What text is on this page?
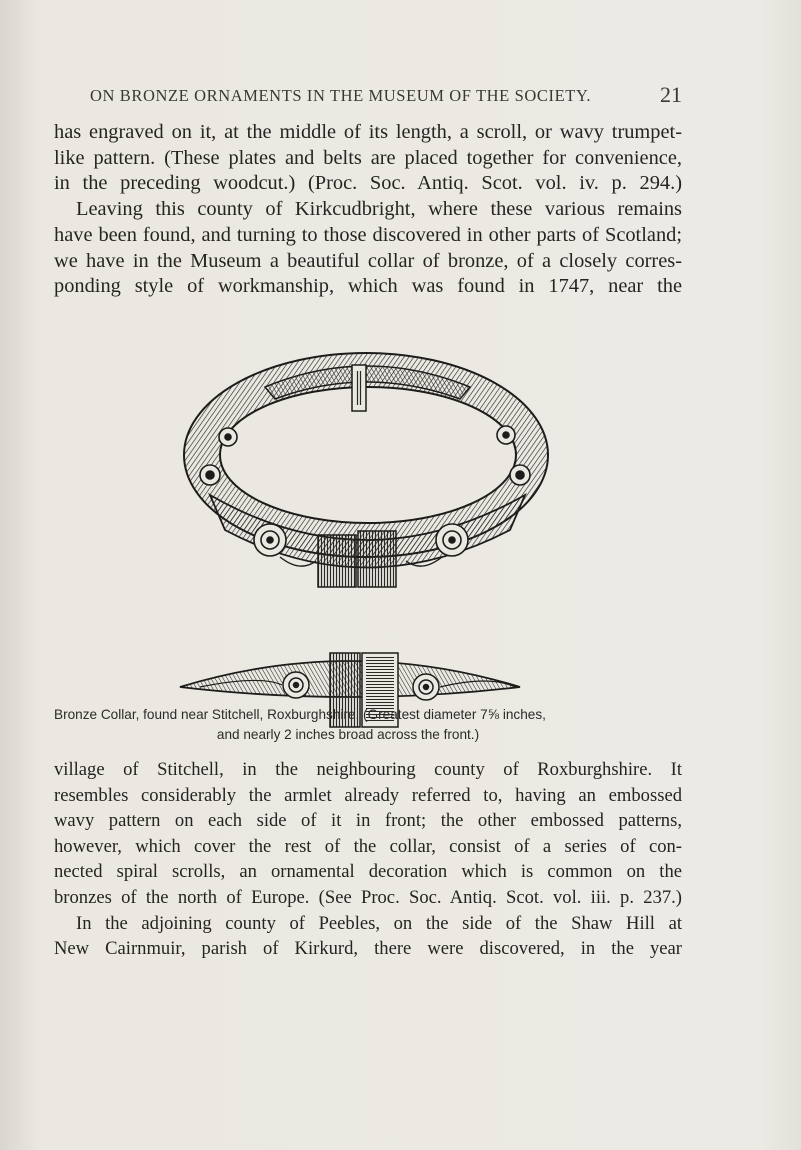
ON BRONZE ORNAMENTS IN THE MUSEUM OF THE SOCIETY.	21
has engraved on it, at the middle of its length, a scroll, or wavy trumpet-
like pattern. (These plates and belts are placed together for convenience,
in the preceding woodcut.) (Proc. Soc. Antiq. Scot. vol. iv. p. 294.)
Leaving this county of Kirkcudbright, where these various remains
have been found, and turning to those discovered in other parts of Scotland;
we have in the Museum a beautiful collar of bronze, of a closely corres-
ponding style of workmanship, which was found in 1747, near the
Bronze Collar, found near Stitchell, Roxburghshire. (Greatest diameter 7⅝ inches,
and nearly 2 inches broad across the front.)
village of Stitchell, in the neighbouring county of Roxburghshire. It
resembles considerably the armlet already referred to, having an embossed
wavy pattern on each side of it in front; the other embossed patterns,
however, which cover the rest of the collar, consist of a series of con-
nected spiral scrolls, an ornamental decoration which is common on the
bronzes of the north of Europe. (See Proc. Soc. Antiq. Scot. vol. iii. p. 237.)
In the adjoining county of Peebles, on the side of the Shaw Hill at
New Cairnmuir, parish of Kirkurd, there were discovered, in the year
